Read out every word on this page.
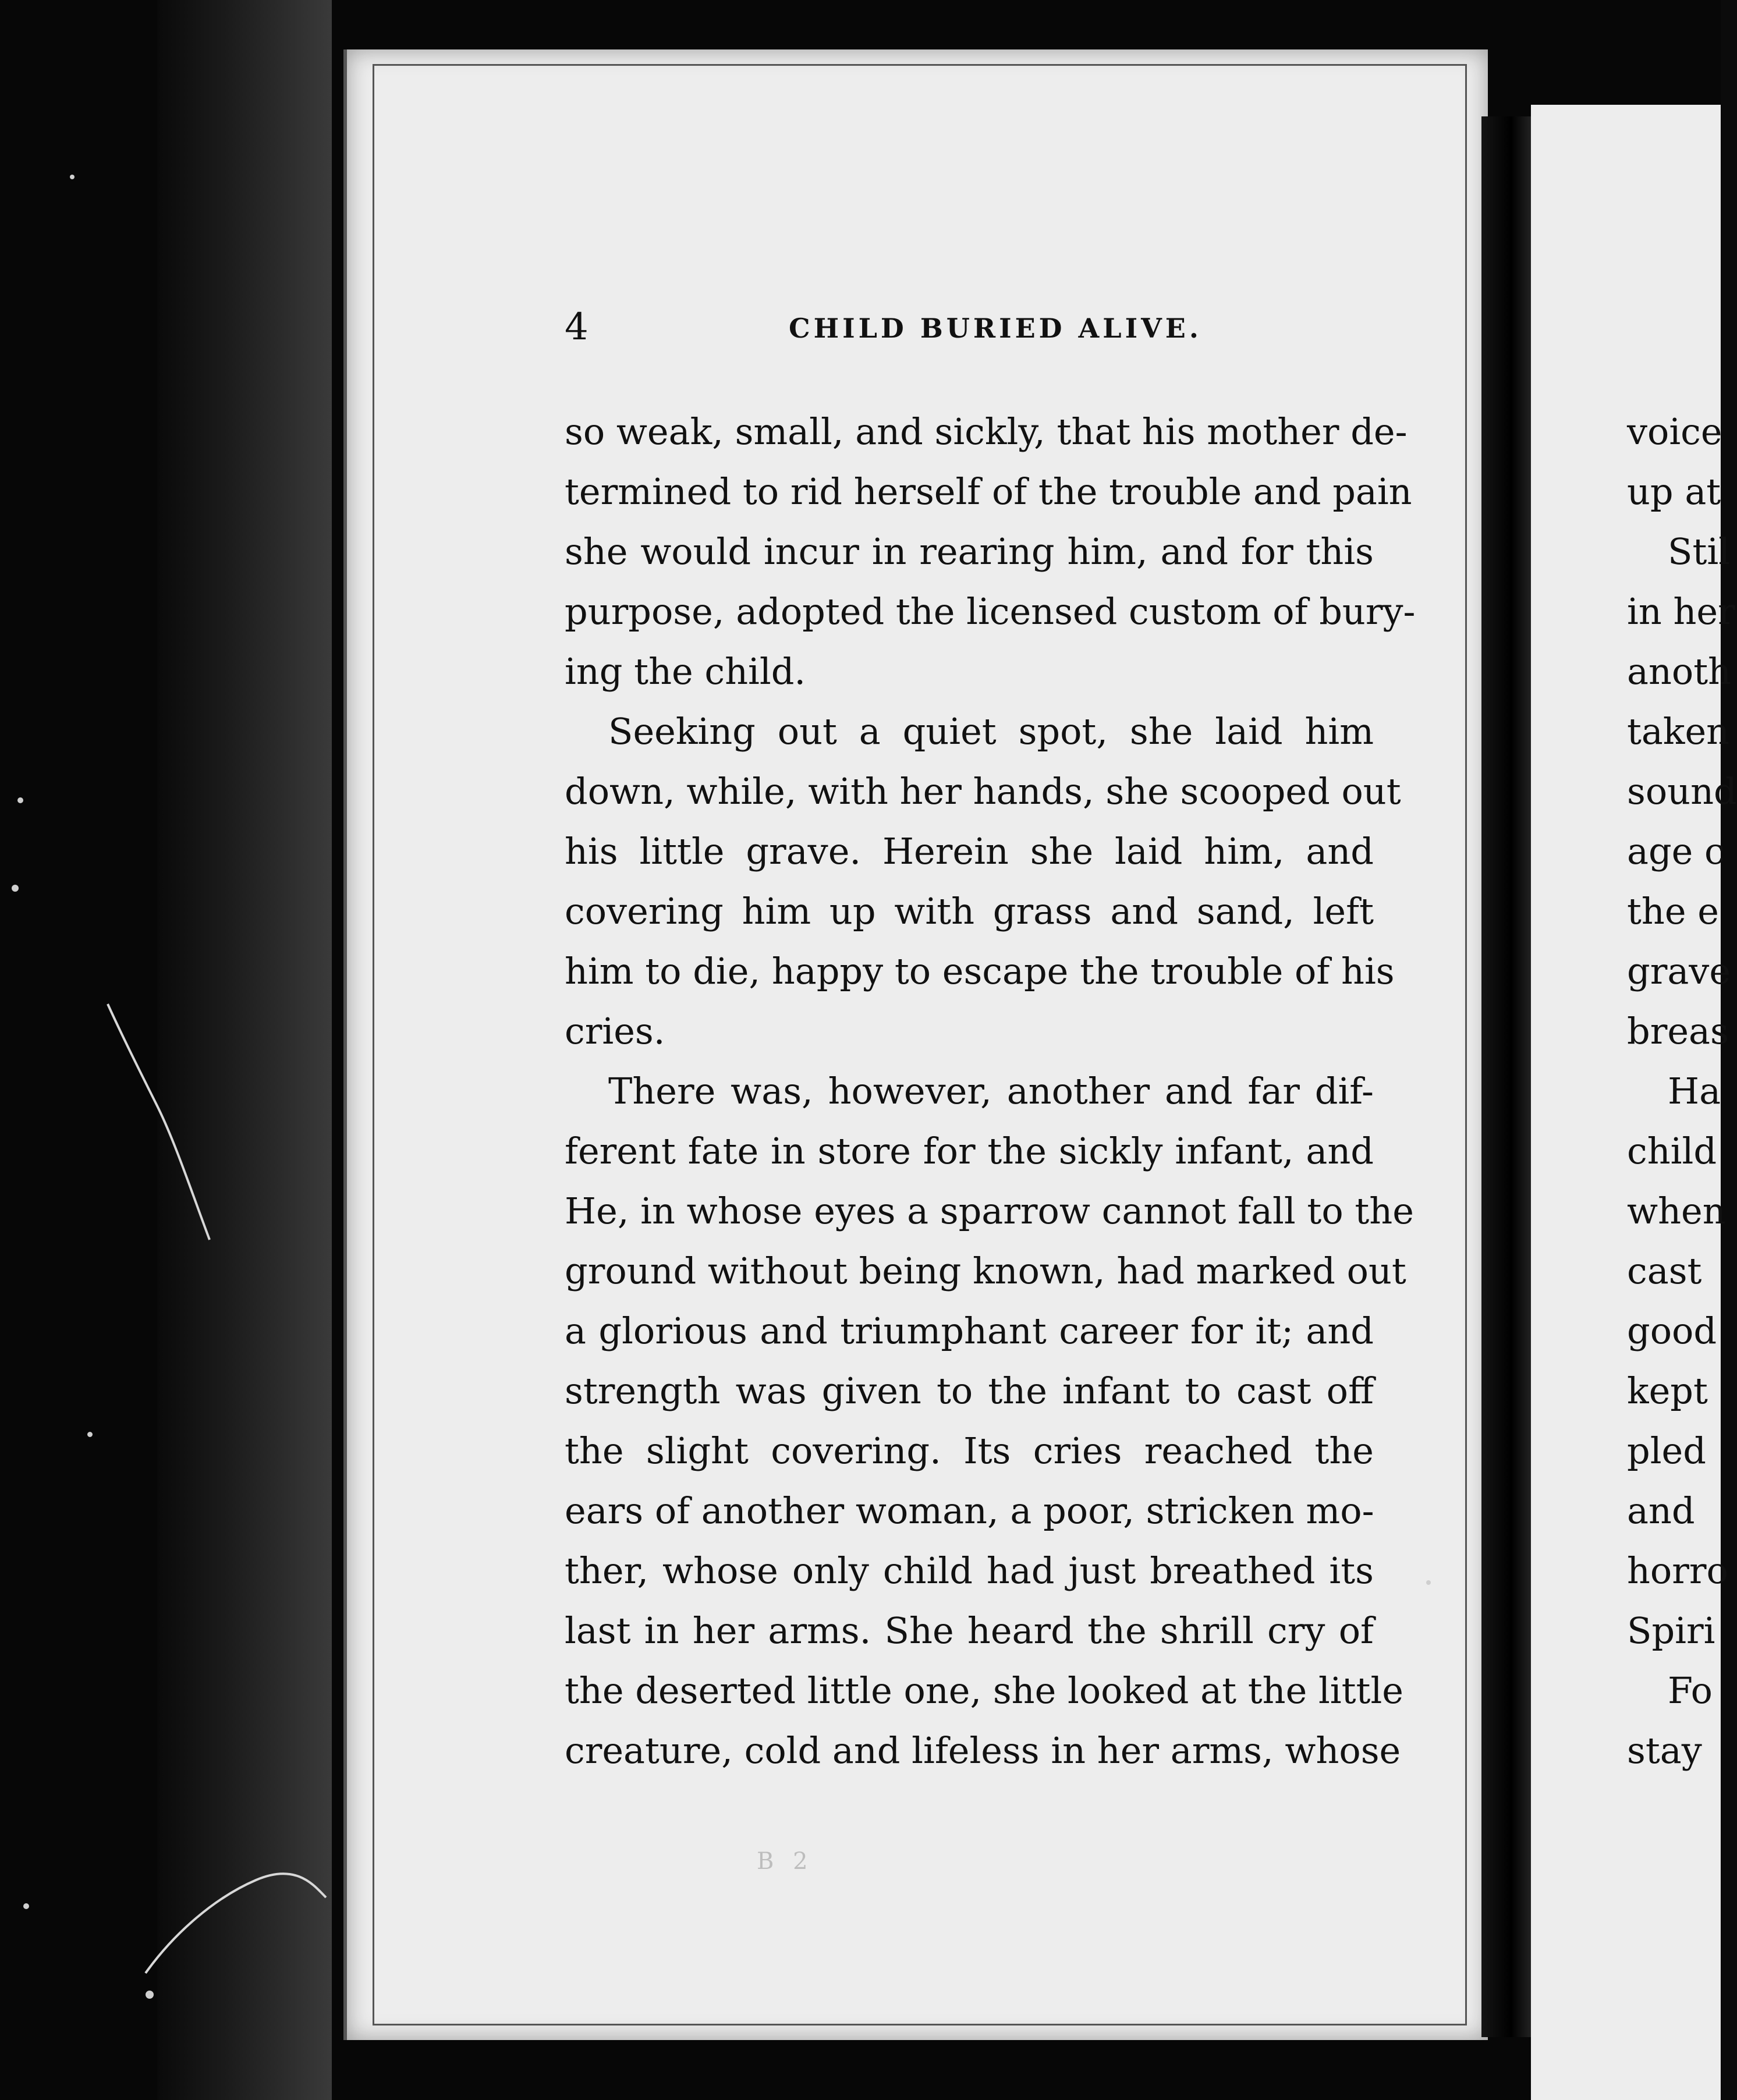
4	CHILD BURIED ALIVE.
so weak, small, and sickly, that his mother de-
termined to rid herself of the trouble and pain
she would incur in rearing him, and for this
purpose, adopted the licensed custom of bury-
ing the child.
Seeking out a quiet spot, she laid him
down, while, with her hands, she scooped out
his little grave. Herein she laid him, and
covering him up with grass and sand, left
him to die, happy to escape the trouble of his
cries.
There was, however, another and far dif-
ferent fate in store for the sickly infant, and
He, in whose eyes a sparrow cannot fall to the
ground without being known, had marked out
a glorious and triumphant career for it; and
strength was given to the infant to cast off
the slight covering. Its cries reached the
ears of another woman, a poor, stricken mo-
ther, whose only child had just breathed its
last in her arms. She heard the shrill cry of
the deserted little one, she looked at the little
creature, cold and lifeless in her arms, whose
voice
up at
Stil
in her
anoth
taken
sound
age c
the e
grave
breas
Ha
child
when
cast
good
kept
pled
and
horro
Spiri
Fo
stay
B 2
